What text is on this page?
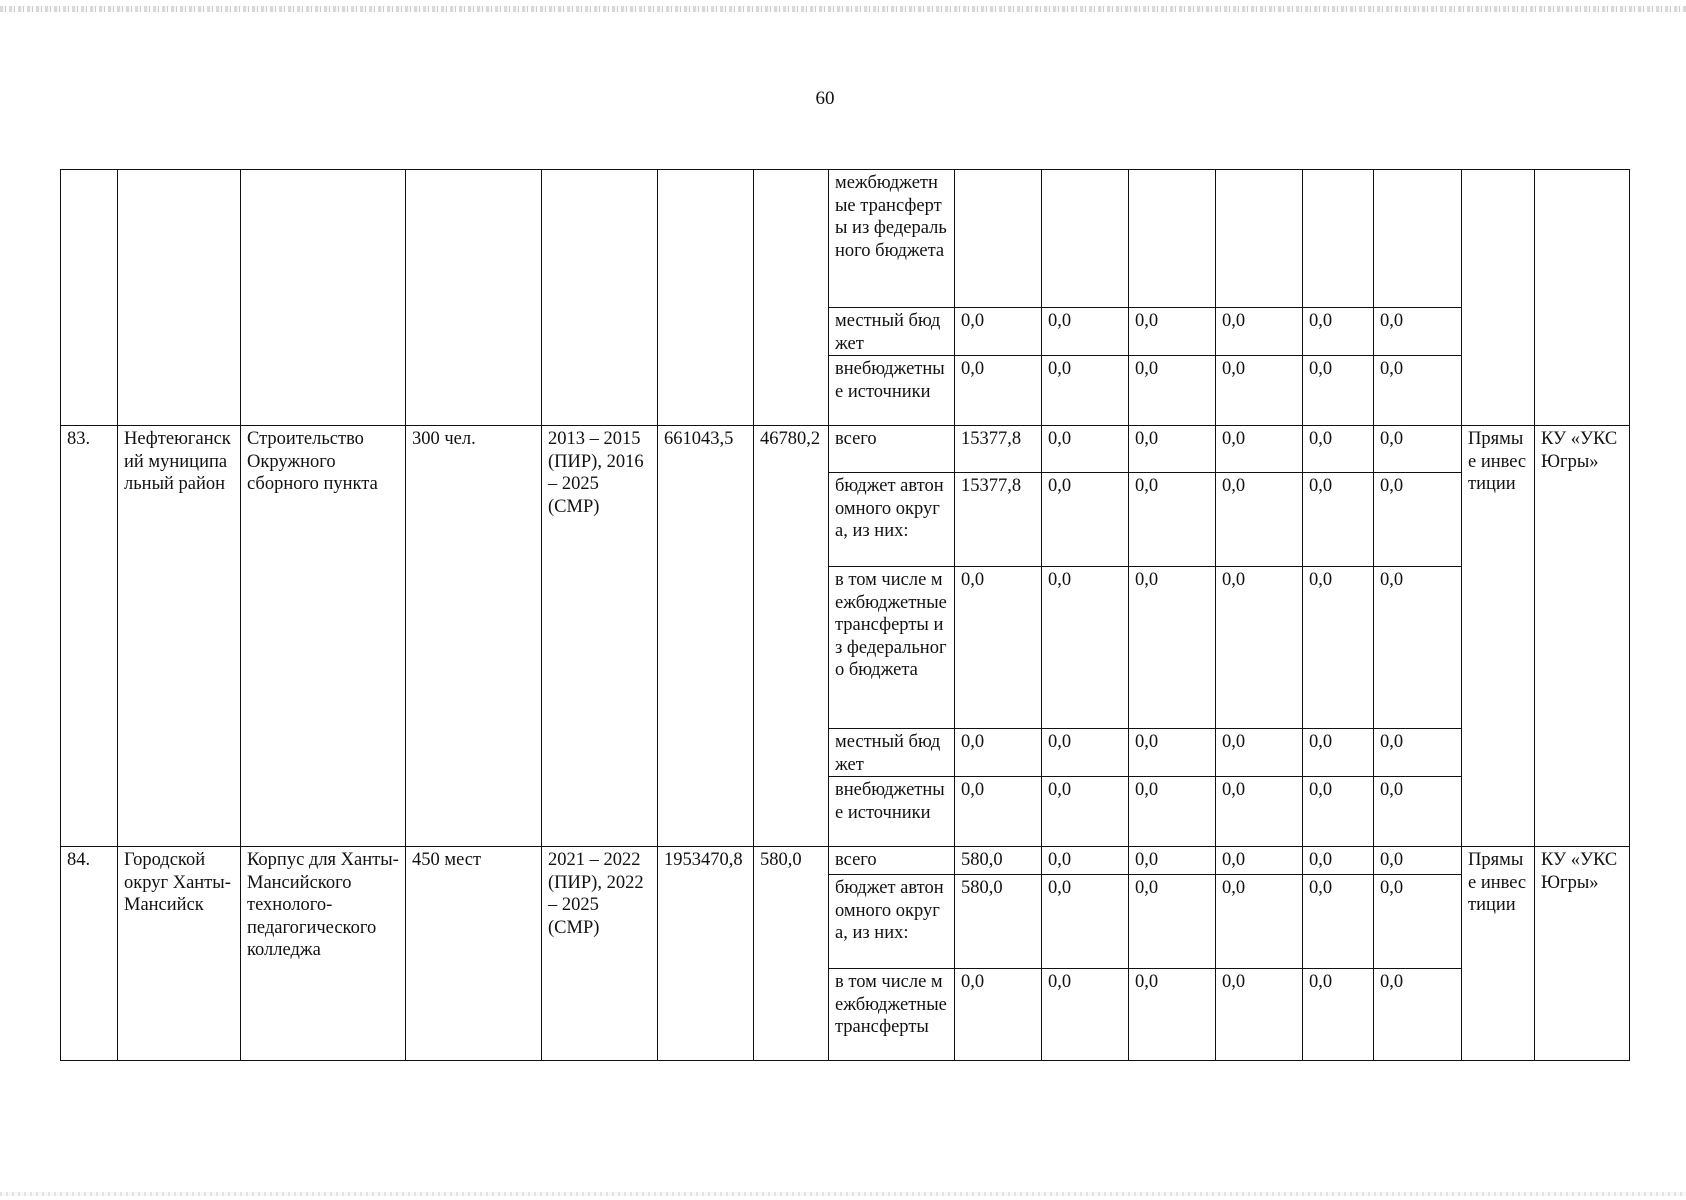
60
							межбюджетные трансферты из федерального бюджета								
							местный бюджет	0,0	0,0	0,0	0,0	0,0	0,0		
							внебюджетные источники	0,0	0,0	0,0	0,0	0,0	0,0		
83.	Нефтеюганский муниципальный район	Строительство Окружного сборного пункта	300 чел.	2013 – 2015 (ПИР), 2016 – 2025 (СМР)	661043,5	46780,2	всего	15377,8	0,0	0,0	0,0	0,0	0,0	Прямые инвестиции	КУ «УКС Югры»
							бюджет автономного округа, из них:	15377,8	0,0	0,0	0,0	0,0	0,0		
							в том числе межбюджетные трансферты из федерального бюджета	0,0	0,0	0,0	0,0	0,0	0,0		
							местный бюджет	0,0	0,0	0,0	0,0	0,0	0,0		
							внебюджетные источники	0,0	0,0	0,0	0,0	0,0	0,0		
84.	Городской округ Ханты-Мансийск	Корпус для Ханты-Мансийского технолого-педагогического колледжа	450 мест	2021 – 2022 (ПИР), 2022 – 2025 (СМР)	1953470,8	580,0	всего	580,0	0,0	0,0	0,0	0,0	0,0	Прямые инвестиции	КУ «УКС Югры»
							бюджет автономного округа, из них:	580,0	0,0	0,0	0,0	0,0	0,0		
							в том числе межбюджетные трансферты	0,0	0,0	0,0	0,0	0,0	0,0		
